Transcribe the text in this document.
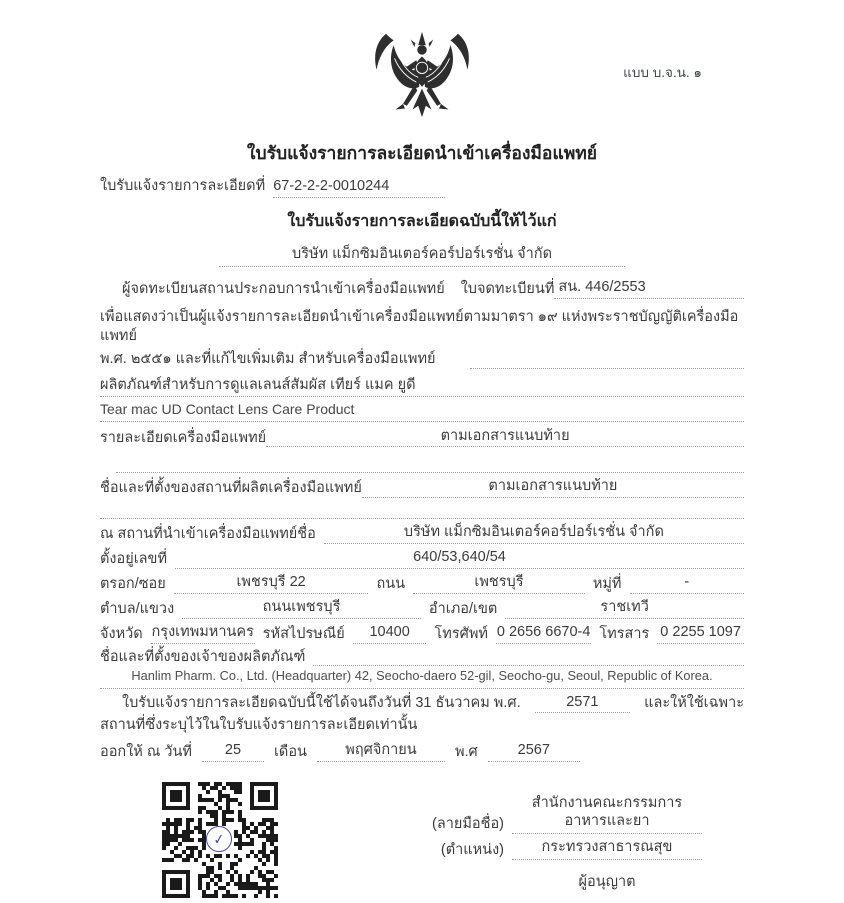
แบบ บ.จ.น. ๑
ใบรับแจ้งรายการละเอียดนำเข้าเครื่องมือแพทย์
ใบรับแจ้งรายการละเอียดที่ 67-2-2-2-0010244
ใบรับแจ้งรายการละเอียดฉบับนี้ให้ไว้แก่
บริษัท แม็กซิมอินเตอร์คอร์ปอร์เรชั่น จำกัด
ผู้จดทะเบียนสถานประกอบการนำเข้าเครื่องมือแพทย์ ใบจดทะเบียนที่ สน. 446/2553
เพื่อแสดงว่าเป็นผู้แจ้งรายการละเอียดนำเข้าเครื่องมือแพทย์ตามมาตรา ๑๙ แห่งพระราชบัญญัติเครื่องมือแพทย์
พ.ศ. ๒๕๕๑ และที่แก้ไขเพิ่มเติม สำหรับเครื่องมือแพทย์
ผลิตภัณฑ์สำหรับการดูแลเลนส์สัมผัส เทียร์ แมค ยูดี
Tear mac UD Contact Lens Care Product
รายละเอียดเครื่องมือแพทย์	ตามเอกสารแนบท้าย
ชื่อและที่ตั้งของสถานที่ผลิตเครื่องมือแพทย์	ตามเอกสารแนบท้าย
ณ สถานที่นำเข้าเครื่องมือแพทย์ชื่อ	บริษัท แม็กซิมอินเตอร์คอร์ปอร์เรชั่น จำกัด
ตั้งอยู่เลขที่	640/53,640/54
ตรอก/ซอย	เพชรบุรี 22	ถนน	เพชรบุรี	หมู่ที่	-
ตำบล/แขวง	ถนนเพชรบุรี	อำเภอ/เขต	ราชเทวี
จังหวัด กรุงเทพมหานคร รหัสไปรษณีย์	10400	โทรศัพท์ 0 2656 6670-4 โทรสาร 0 2255 1097
ชื่อและที่ตั้งของเจ้าของผลิตภัณฑ์
Hanlim Pharm. Co., Ltd. (Headquarter) 42, Seocho-daero 52-gil, Seocho-gu, Seoul, Republic of Korea.
ใบรับแจ้งรายการละเอียดฉบับนี้ใช้ได้จนถึงวันที่ 31 ธันวาคม พ.ศ.	2571	และให้ใช้เฉพาะ
สถานที่ซึ่งระบุไว้ในใบรับแจ้งรายการละเอียดเท่านั้น
ออกให้ ณ วันที่	25	เดือน	พฤศจิกายน	พ.ศ	2567
✓
(ลายมือชื่อ)
สำนักงานคณะกรรมการอาหารและยา
(ตำแหน่ง)	กระทรวงสาธารณสุข
ผู้อนุญาต
